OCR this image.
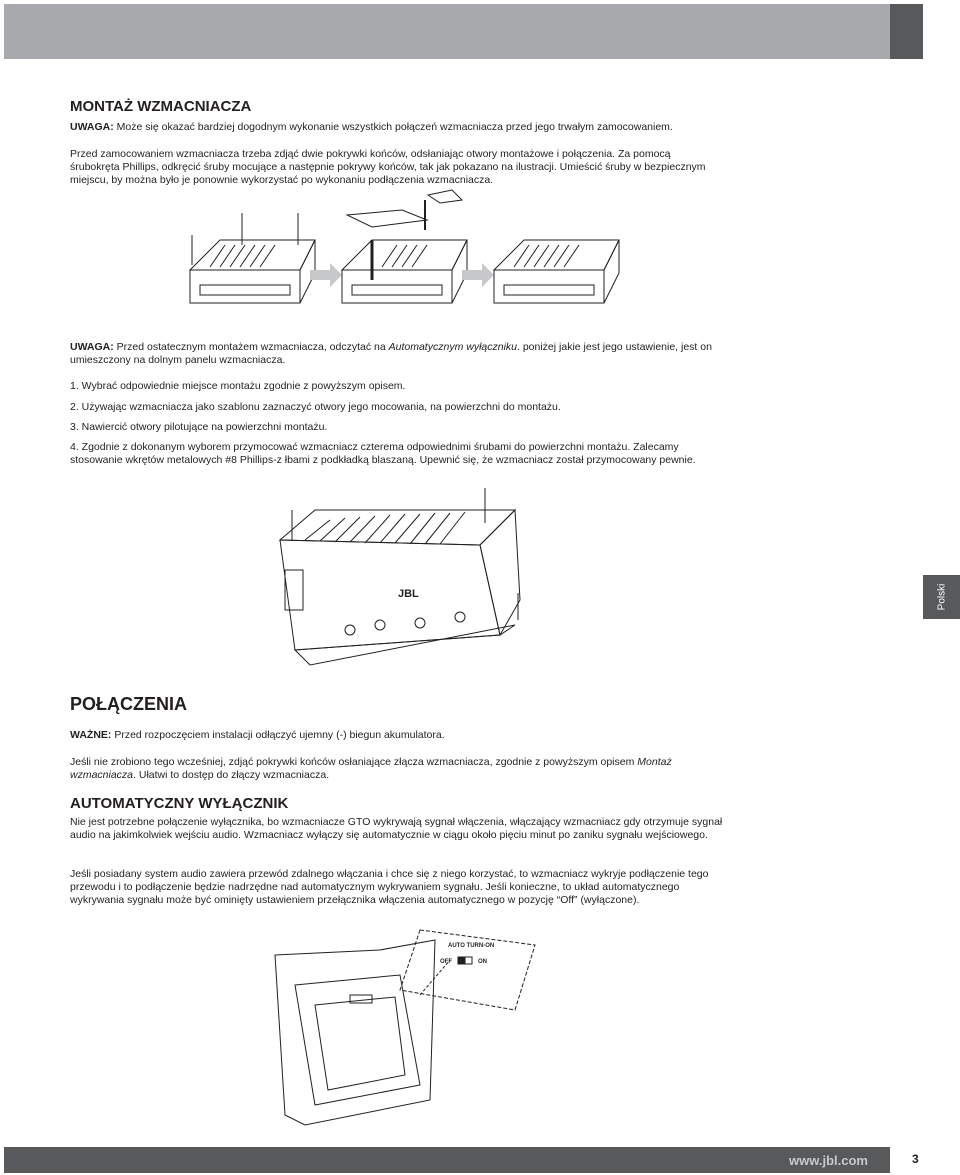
MONTAŻ WZMACNIACZA
UWAGA: Może się okazać bardziej dogodnym wykonanie wszystkich połączeń wzmacniacza przed jego trwałym zamocowaniem.
Przed zamocowaniem wzmacniacza trzeba zdjąć dwie pokrywki końców, odsłaniając otwory montażowe i połączenia. Za pomocą śrubokręta Phillips, odkręcić śruby mocujące a następnie pokrywy końców, tak jak pokazano na ilustracji. Umieścić śruby w bezpiecznym miejscu, by można było je ponownie wykorzystać po wykonaniu podłączenia wzmacniacza.
UWAGA: Przed ostatecznym montażem wzmacniacza, odczytać na Automatycznym wyłączniku. poniżej jakie jest jego ustawienie, jest on umieszczony na dolnym panelu wzmacniacza.
1. Wybrać odpowiednie miejsce montażu zgodnie z powyższym opisem.
2. Używając wzmacniacza jako szablonu zaznaczyć otwory jego mocowania, na powierzchni do montażu.
3. Nawiercić otwory pilotujące na powierzchni montażu.
4. Zgodnie z dokonanym wyborem przymocować wzmacniacz czterema odpowiednimi śrubami do powierzchni montażu. Zalecamy stosowanie wkrętów metalowych #8 Phillips-z łbami z podkładką blaszaną. Upewnić się, że wzmacniacz został przymocowany pewnie.
JBL
POŁĄCZENIA
WAŻNE: Przed rozpoczęciem instalacji odłączyć ujemny (-) biegun akumulatora.
Jeśli nie zrobiono tego wcześniej, zdjąć pokrywki końców osłaniające złącza wzmacniacza, zgodnie z powyższym opisem Montaż wzmacniacza. Ułatwi to dostęp do złączy wzmacniacza.
AUTOMATYCZNY WYŁĄCZNIK
Nie jest potrzebne połączenie wyłącznika, bo wzmacniacze GTO wykrywają sygnał włączenia, włączający wzmacniacz gdy otrzymuje sygnał audio na jakimkolwiek wejściu audio. Wzmacniacz wyłączy się automatycznie w ciągu około pięciu minut po zaniku sygnału wejściowego.
Jeśli posiadany system audio zawiera przewód zdalnego włączania i chce się z niego korzystać, to wzmacniacz wykryje podłączenie tego przewodu i to podłączenie będzie nadrzędne nad automatycznym wykrywaniem sygnału. Jeśli konieczne, to układ automatycznego wykrywania sygnału może być ominięty ustawieniem przełącznika włączenia automatycznego w pozycję “Off” (wyłączone).
AUTO TURN-ON
OFF	ON
Polski
www.jbl.com	3
